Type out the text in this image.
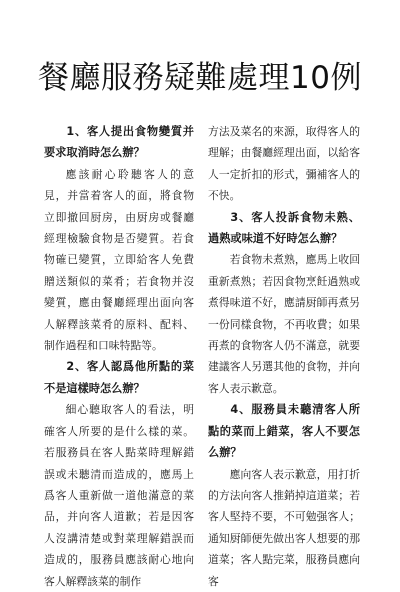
餐廳服務疑難處理10例
1、客人提出食物變質并要求取消時怎么辦？

應該耐心聆聽客人的意見，并當着客人的面，將食物立即撤回厨房，由厨房或餐廳經理檢驗食物是否變質。若食物確已變質，立即給客人免費贈送類似的菜肴；若食物并沒變質，應由餐廳經理出面向客人解釋該菜肴的原料、配料、制作過程和口味特點等。

2、客人認爲他所點的菜不是這樣時怎么辦？

細心聽取客人的看法，明確客人所要的是什么樣的菜。若服務員在客人點菜時理解錯誤或未聽清而造成的，應馬上爲客人重新做一道他滿意的菜品，并向客人道歉；若是因客人沒講清楚或對菜理解錯誤而造成的，服務員應該耐心地向客人解釋該菜的制作

方法及菜名的來源，取得客人的理解；由餐廳經理出面，以給客人一定折扣的形式，彌補客人的不快。

3、客人投訴食物未熟、過熟或味道不好時怎么辦？

若食物未煮熟，應馬上收回重新煮熟；若因食物烹飪過熟或煮得味道不好，應請厨師再煮另一份同樣食物，不再收費；如果再煮的食物客人仍不滿意，就要建議客人另選其他的食物，并向客人表示歉意。

4、服務員未聽清客人所點的菜而上錯菜，客人不要怎么辦？

應向客人表示歉意，用打折的方法向客人推銷掉這道菜；若客人堅持不要，不可勉强客人；通知厨師便先做出客人想要的那道菜；客人點完菜，服務員應向客
